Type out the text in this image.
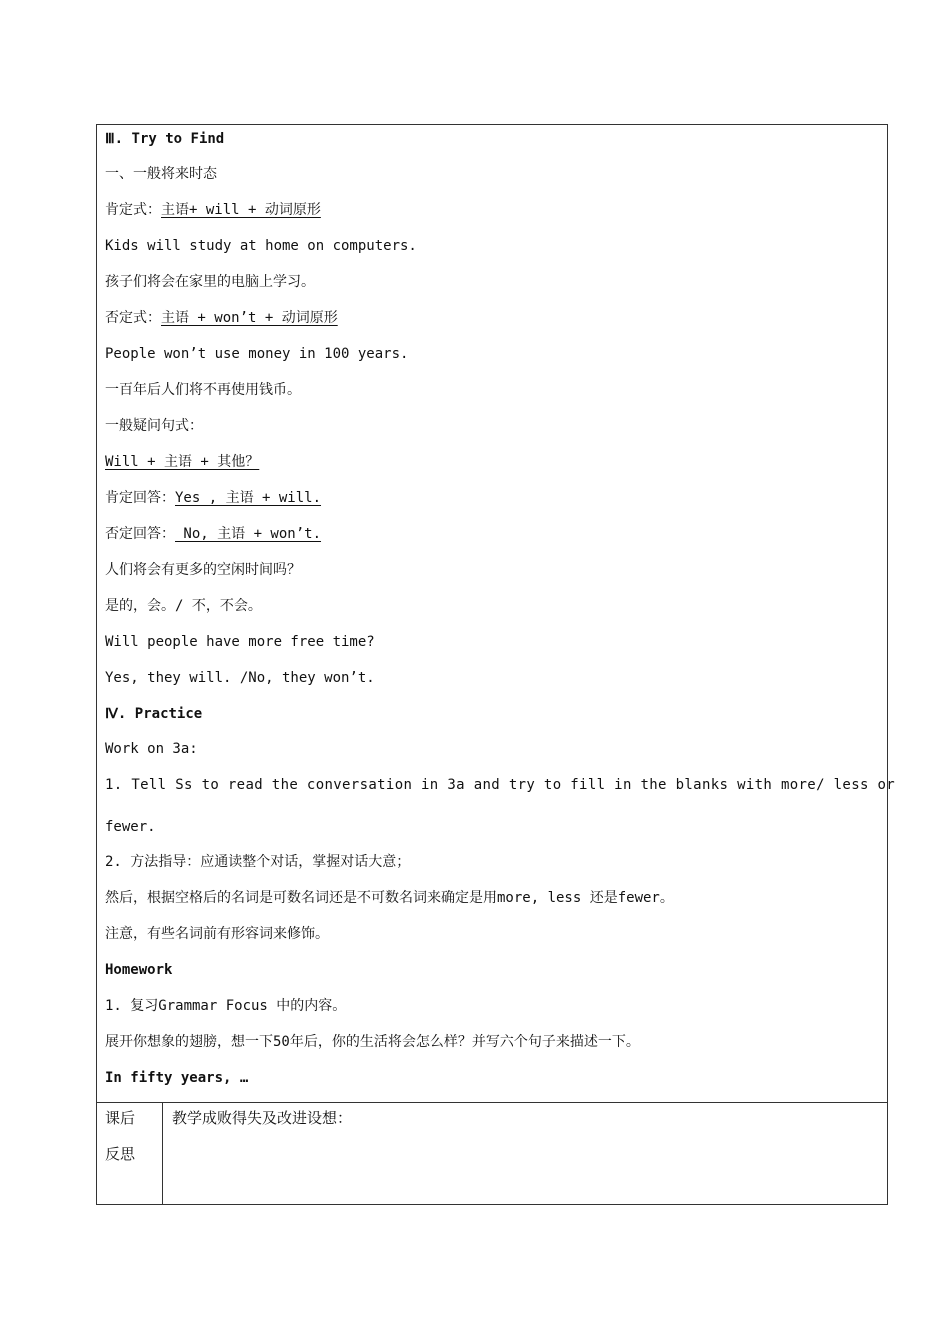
Ⅲ. Try to Find
一、一般将来时态
肯定式：主语+ will + 动词原形
Kids will study at home on computers.
孩子们将会在家里的电脑上学习。
否定式：主语 + won’t + 动词原形
People won’t use money in 100 years.
一百年后人们将不再使用钱币。
一般疑问句式：
Will + 主语 + 其他？
肯定回答：Yes , 主语 + will.
否定回答： No, 主语 + won’t.
人们将会有更多的空闲时间吗？
是的，会。/ 不，不会。
Will people have more free time?
Yes, they will. /No, they won’t.
Ⅳ. Practice
Work on 3a:
1. Tell Ss to read the conversation in 3a and try to fill in the blanks with more/ less or
fewer.
2. 方法指导：应通读整个对话，掌握对话大意；
然后，根据空格后的名词是可数名词还是不可数名词来确定是用more, less 还是fewer。
注意，有些名词前有形容词来修饰。
Homework
1. 复习Grammar Focus 中的内容。
展开你想象的翅膀，想一下50年后，你的生活将会怎么样？并写六个句子来描述一下。
In fifty years, …
课后
反思
教学成败得失及改进设想：
